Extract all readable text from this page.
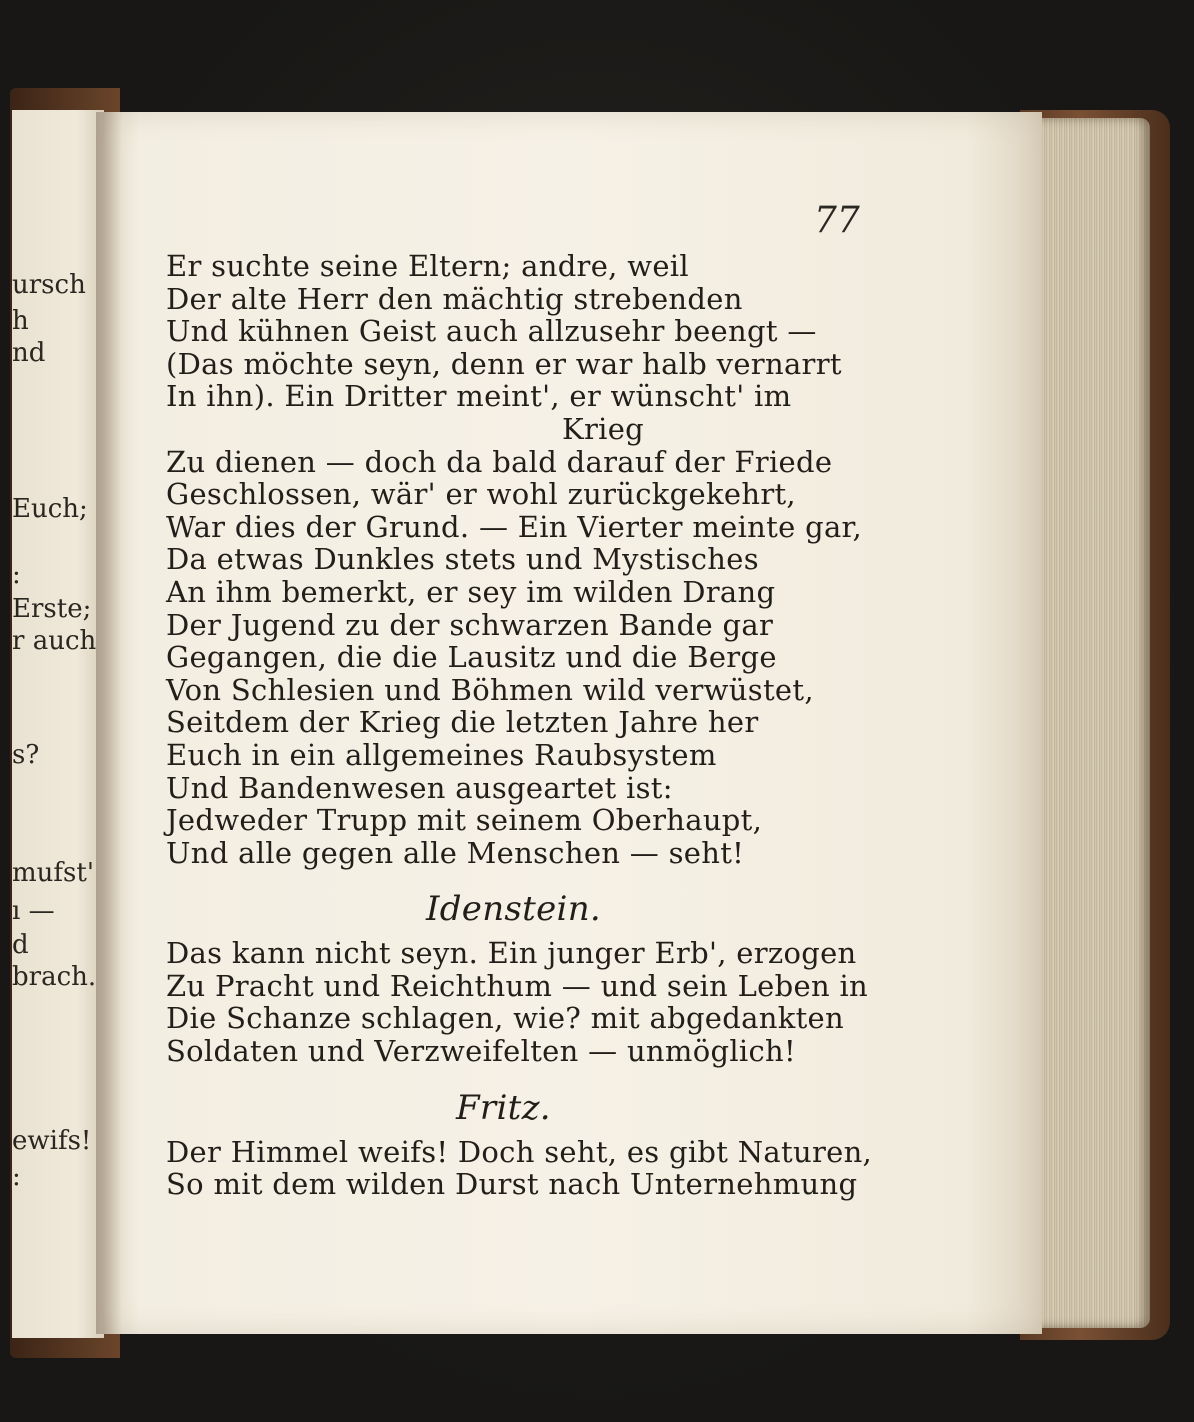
ursch
h
nd
Euch;
:
Erste;
r auch
s?
mufst'
ı —
d
brach.
ewifs!
:
77
Er suchte seine Eltern; andre, weil
Der alte Herr den mächtig strebenden
Und kühnen Geist auch allzusehr beengt —
(Das möchte seyn, denn er war halb vernarrt
In ihn). Ein Dritter meint', er wünscht' im
Krieg
Zu dienen — doch da bald darauf der Friede
Geschlossen, wär' er wohl zurückgekehrt,
War dies der Grund. — Ein Vierter meinte gar,
Da etwas Dunkles stets und Mystisches
An ihm bemerkt, er sey im wilden Drang
Der Jugend zu der schwarzen Bande gar
Gegangen, die die Lausitz und die Berge
Von Schlesien und Böhmen wild verwüstet,
Seitdem der Krieg die letzten Jahre her
Euch in ein allgemeines Raubsystem
Und Bandenwesen ausgeartet ist:
Jedweder Trupp mit seinem Oberhaupt,
Und alle gegen alle Menschen — seht!
Idenstein.
Das kann nicht seyn. Ein junger Erb', erzogen
Zu Pracht und Reichthum — und sein Leben in
Die Schanze schlagen, wie? mit abgedankten
Soldaten und Verzweifelten — unmöglich!
Fritz.
Der Himmel weifs! Doch seht, es gibt Naturen,
So mit dem wilden Durst nach Unternehmung
